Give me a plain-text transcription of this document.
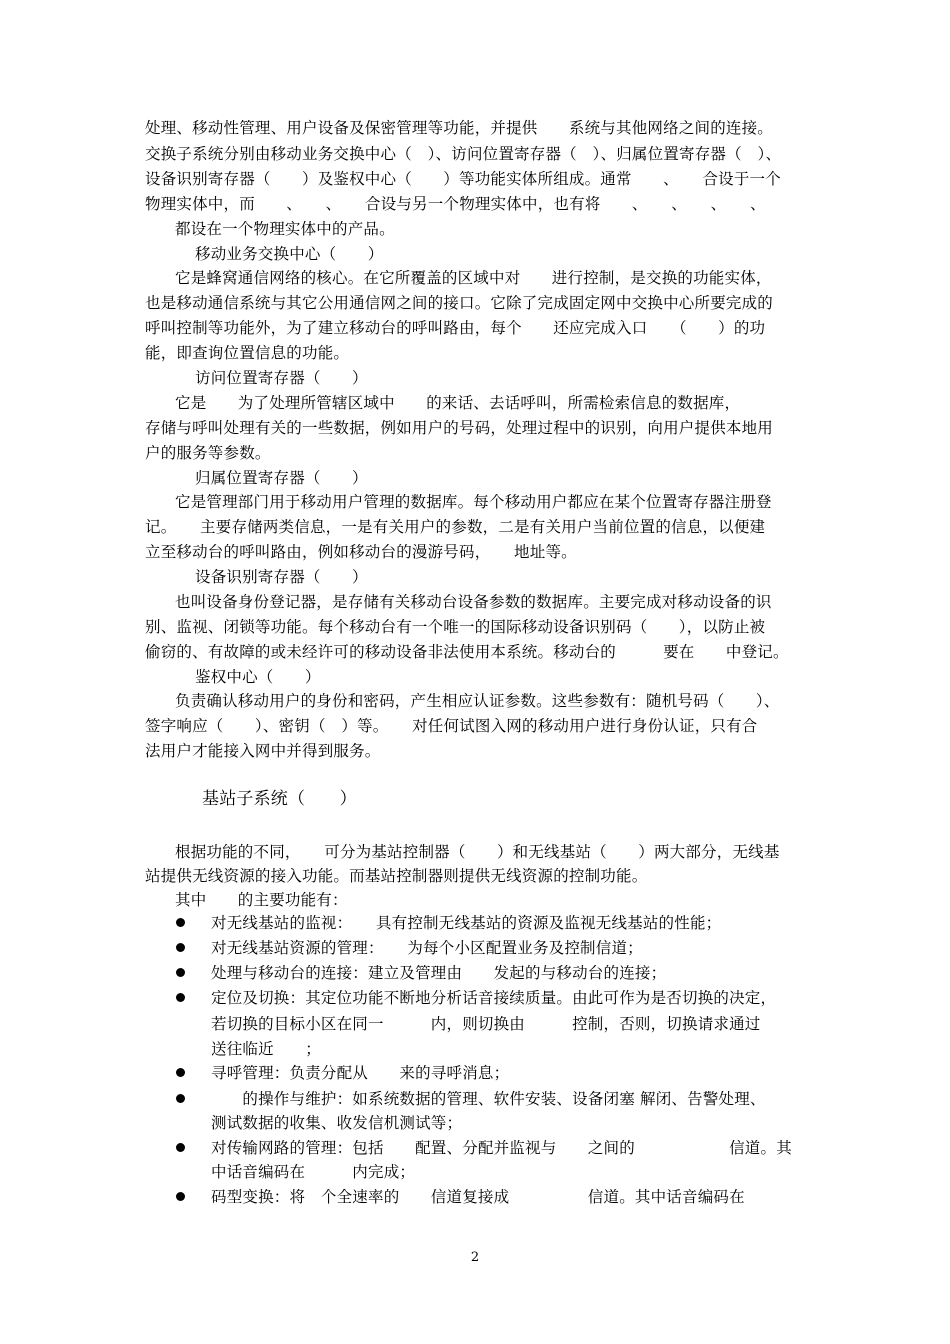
处理、移动性管理、用户设备及保密管理等功能，并提供　　系统与其他网络之间的连接。
交换子系统分别由移动业务交换中心（　）、访问位置寄存器（　）、归属位置寄存器（　）、
设备识别寄存器（　　）及鉴权中心（　　）等功能实体所组成。通常　　、　　合设于一个
物理实体中，而　　、　　、　　合设与另一个物理实体中，也有将　　、　　、　　、　　、
都设在一个物理实体中的产品。
移动业务交换中心（　　）
它是蜂窝通信网络的核心。在它所覆盖的区域中对　　进行控制，是交换的功能实体，
也是移动通信系统与其它公用通信网之间的接口。它除了完成固定网中交换中心所要完成的
呼叫控制等功能外，为了建立移动台的呼叫路由，每个　　还应完成入口　　（　　）的功
能，即查询位置信息的功能。
访问位置寄存器（　　）
它是　　为了处理所管辖区域中　　的来话、去话呼叫，所需检索信息的数据库，
存储与呼叫处理有关的一些数据，例如用户的号码，处理过程中的识别，向用户提供本地用
户的服务等参数。
归属位置寄存器（　　）
它是管理部门用于移动用户管理的数据库。每个移动用户都应在某个位置寄存器注册登
记。　　主要存储两类信息，一是有关用户的参数，二是有关用户当前位置的信息，以便建
立至移动台的呼叫路由，例如移动台的漫游号码，　　地址等。
设备识别寄存器（　　）
也叫设备身份登记器，是存储有关移动台设备参数的数据库。主要完成对移动设备的识
别、监视、闭锁等功能。每个移动台有一个唯一的国际移动设备识别码（　　），以防止被
偷窃的、有故障的或未经许可的移动设备非法使用本系统。移动台的　　　要在　　中登记。
鉴权中心（　　）
负责确认移动用户的身份和密码，产生相应认证参数。这些参数有：随机号码（　　）、
签字响应（　　）、密钥（　）等。　　对任何试图入网的移动用户进行身份认证，只有合
法用户才能接入网中并得到服务。
基站子系统（　　）
根据功能的不同，　　可分为基站控制器（　　）和无线基站（　　）两大部分，无线基
站提供无线资源的接入功能。而基站控制器则提供无线资源的控制功能。
其中　　的主要功能有：
对无线基站的监视：　　具有控制无线基站的资源及监视无线基站的性能；
对无线基站资源的管理：　　为每个小区配置业务及控制信道；
处理与移动台的连接：建立及管理由　　发起的与移动台的连接；
定位及切换：其定位功能不断地分析话音接续质量。由此可作为是否切换的决定，
若切换的目标小区在同一　　　内，则切换由　　　控制，否则，切换请求通过
送往临近　　；
寻呼管理：负责分配从　　来的寻呼消息；
　　的操作与维护：如系统数据的管理、软件安装、设备闭塞 解闭、告警处理、
测试数据的收集、收发信机测试等；
对传输网路的管理：包括　　配置、分配并监视与　　之间的　　　　　　信道。其
中话音编码在　　　内完成；
码型变换：将　个全速率的　　信道复接成　　　　　信道。其中话音编码在
2
